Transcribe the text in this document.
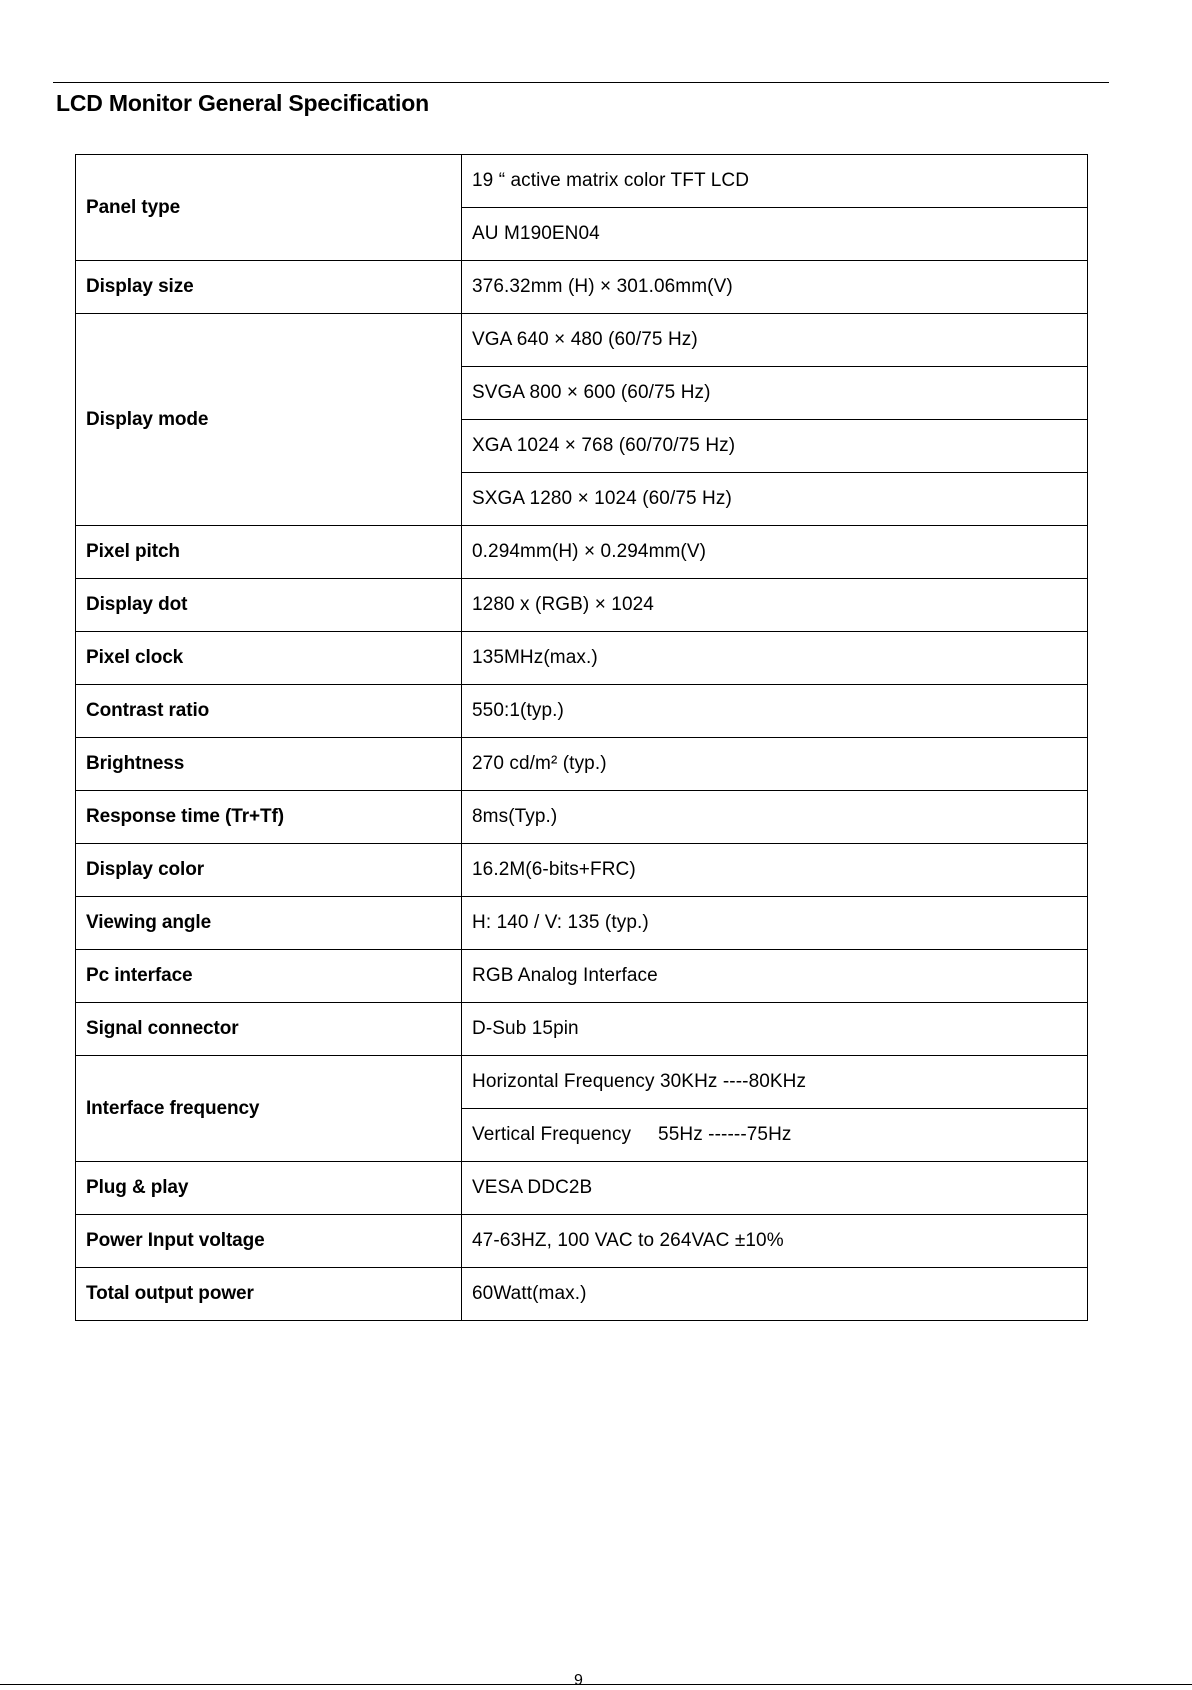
LCD Monitor General Specification
Panel type	19 “ active matrix color TFT LCD
	AU M190EN04
Display size	376.32mm (H) × 301.06mm(V)
Display mode	VGA 640 × 480 (60/75 Hz)
	SVGA 800 × 600 (60/75 Hz)
	XGA 1024 × 768 (60/70/75 Hz)
	SXGA 1280 × 1024 (60/75 Hz)
Pixel pitch	0.294mm(H) × 0.294mm(V)
Display dot	1280 x (RGB) × 1024
Pixel clock	135MHz(max.)
Contrast ratio	550:1(typ.)
Brightness	270 cd/m² (typ.)
Response time (Tr+Tf)	8ms(Typ.)
Display color	16.2M(6-bits+FRC)
Viewing angle	H: 140 / V: 135 (typ.)
Pc interface	RGB Analog Interface
Signal connector	D-Sub 15pin
Interface frequency	Horizontal Frequency 30KHz ----80KHz
	Vertical Frequency     55Hz ------75Hz
Plug & play	VESA DDC2B
Power Input voltage	47-63HZ, 100 VAC to 264VAC ±10%
Total output power	60Watt(max.)
9
